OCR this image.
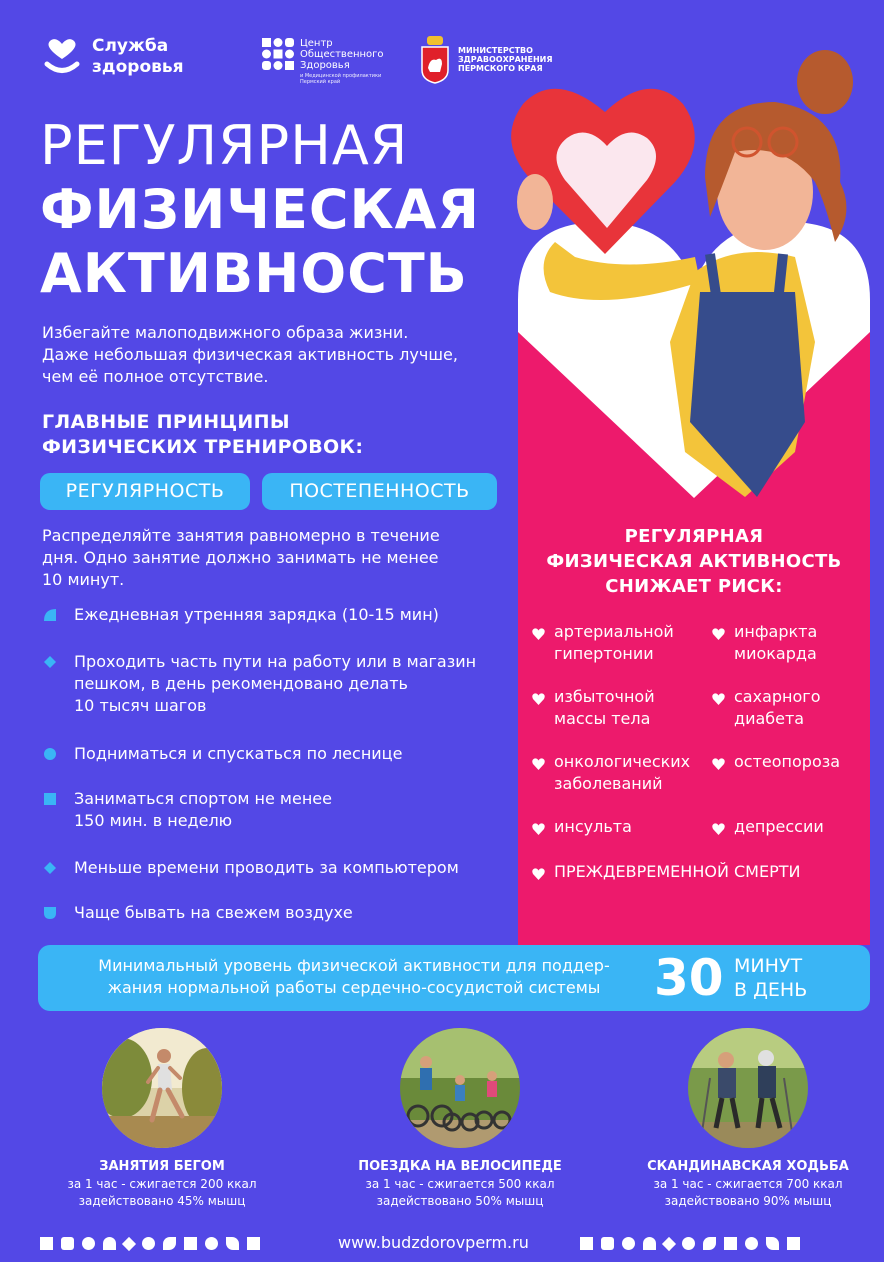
Служба
здоровья
Центр
Общественного
Здоровья
и Медицинской профилактики
Пермский край
МИНИСТЕРСТВО
ЗДРАВООХРАНЕНИЯ
ПЕРМСКОГО КРАЯ
РЕГУЛЯРНАЯ
ФИЗИЧЕСКАЯ
АКТИВНОСТЬ
Избегайте малоподвижного образа жизни.
Даже небольшая физическая активность лучше,
чем её полное отсутствие.
ГЛАВНЫЕ ПРИНЦИПЫ
ФИЗИЧЕСКИХ ТРЕНИРОВОК:
РЕГУЛЯРНОСТЬ	ПОСТЕПЕННОСТЬ
Распределяйте занятия равномерно в течение
дня. Одно занятие должно занимать не менее
10 минут.
Ежедневная утренняя зарядка (10-15 мин)
Проходить часть пути на работу или в магазин
пешком, в день рекомендовано делать
10 тысяч шагов
Подниматься и спускаться по леснице
Заниматься спортом не менее
150 мин. в неделю
Меньше времени проводить за компьютером
Чаще бывать на свежем воздухе
РЕГУЛЯРНАЯ
ФИЗИЧЕСКАЯ АКТИВНОСТЬ
СНИЖАЕТ РИСК:
артериальной
гипертонии
инфаркта
миокарда
избыточной
массы тела
сахарного
диабета
онкологических
заболеваний
остеопороза
инсульта	депрессии
ПРЕЖДЕВРЕМЕННОЙ СМЕРТИ
Минимальный уровень физической активности для поддер-
жания нормальной работы сердечно-сосудистой системы	30 МИНУТ
В ДЕНЬ
ЗАНЯТИЯ БЕГОМ
за 1 час - сжигается 200 ккал
задействовано 45% мышц
ПОЕЗДКА НА ВЕЛОСИПЕДЕ
за 1 час - сжигается 500 ккал
задействовано 50% мышц
СКАНДИНАВСКАЯ ХОДЬБА
за 1 час - сжигается 700 ккал
задействовано 90% мышц
www.budzdorovperm.ru
